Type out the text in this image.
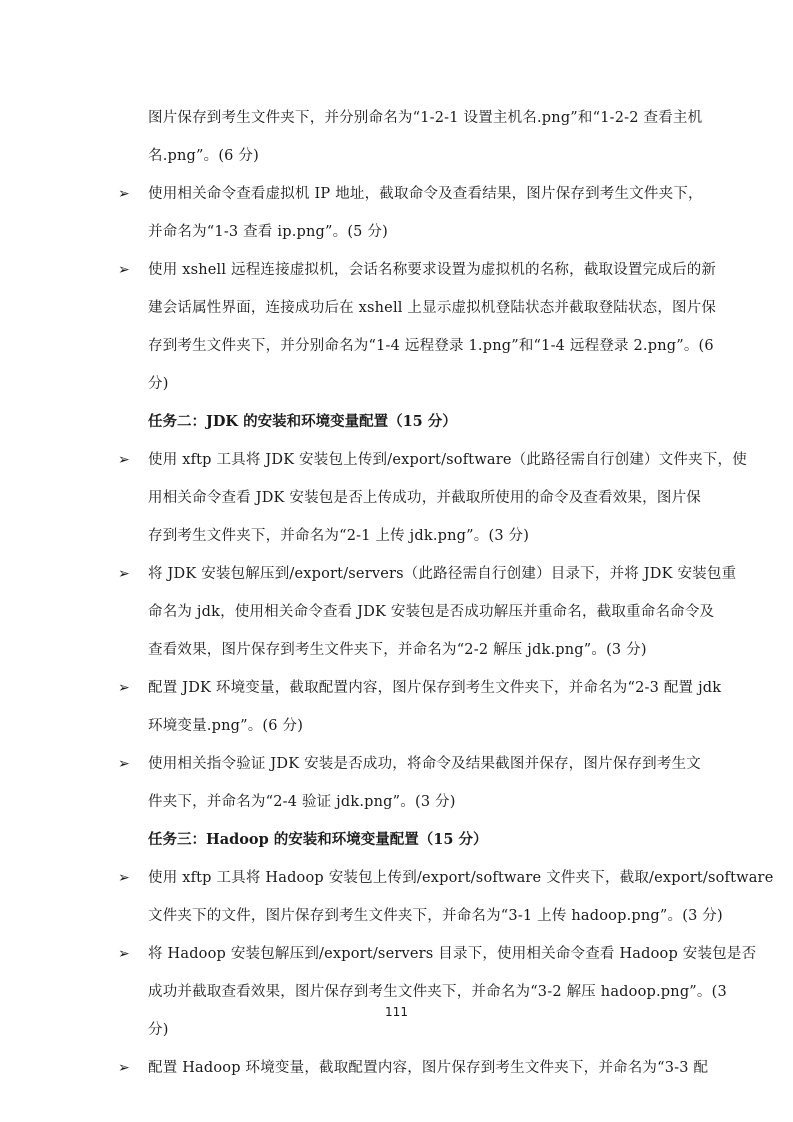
图片保存到考生文件夹下，并分别命名为“1-2-1 设置主机名.png”和“1-2-2 查看主机
名.png”。(6 分)
➢ 使用相关命令查看虚拟机 IP 地址，截取命令及查看结果，图片保存到考生文件夹下，
并命名为“1-3 查看 ip.png”。(5 分)
➢ 使用 xshell 远程连接虚拟机，会话名称要求设置为虚拟机的名称，截取设置完成后的新
建会话属性界面，连接成功后在 xshell 上显示虚拟机登陆状态并截取登陆状态，图片保
存到考生文件夹下，并分别命名为“1-4 远程登录 1.png”和“1-4 远程登录 2.png”。(6
分)
任务二：JDK 的安装和环境变量配置（15 分）
➢ 使用 xftp 工具将 JDK 安装包上传到/export/software（此路径需自行创建）文件夹下，使
用相关命令查看 JDK 安装包是否上传成功，并截取所使用的命令及查看效果，图片保
存到考生文件夹下，并命名为“2-1 上传 jdk.png”。(3 分)
➢ 将 JDK 安装包解压到/export/servers（此路径需自行创建）目录下，并将 JDK 安装包重
命名为 jdk，使用相关命令查看 JDK 安装包是否成功解压并重命名，截取重命名命令及
查看效果，图片保存到考生文件夹下，并命名为“2-2 解压 jdk.png”。(3 分)
➢ 配置 JDK 环境变量，截取配置内容，图片保存到考生文件夹下，并命名为“2-3 配置 jdk
环境变量.png”。(6 分)
➢ 使用相关指令验证 JDK 安装是否成功，将命令及结果截图并保存，图片保存到考生文
件夹下，并命名为“2-4 验证 jdk.png”。(3 分)
任务三：Hadoop 的安装和环境变量配置（15 分）
➢ 使用 xftp 工具将 Hadoop 安装包上传到/export/software 文件夹下，截取/export/software
文件夹下的文件，图片保存到考生文件夹下，并命名为“3-1 上传 hadoop.png”。(3 分)
➢ 将 Hadoop 安装包解压到/export/servers 目录下，使用相关命令查看 Hadoop 安装包是否
成功并截取查看效果，图片保存到考生文件夹下，并命名为“3-2 解压 hadoop.png”。(3
分)
➢ 配置 Hadoop 环境变量，截取配置内容，图片保存到考生文件夹下，并命名为“3-3 配
111
